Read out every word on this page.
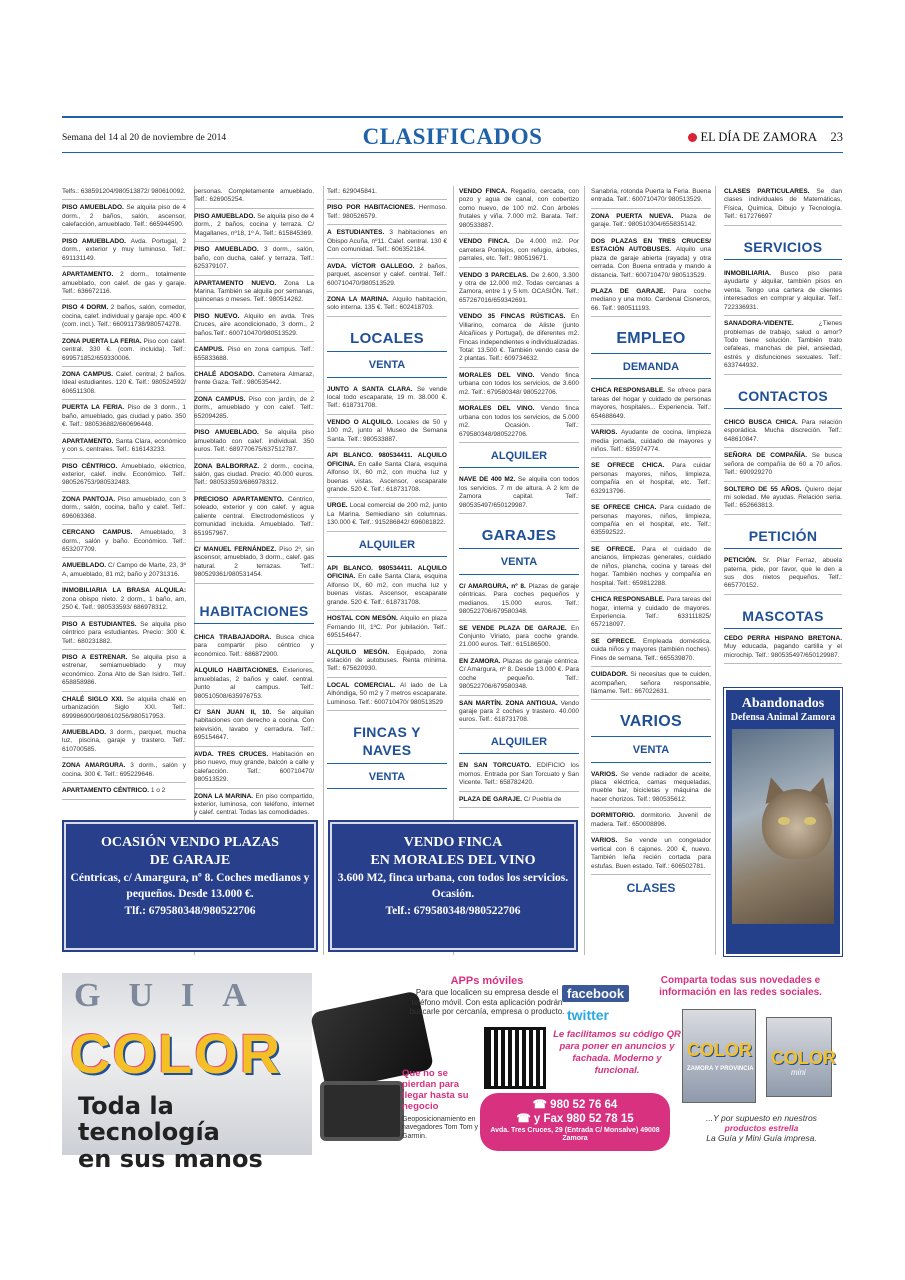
Semana del 14 al 20 de noviembre de 2014	CLASIFICADOS	EL DÍA DE ZAMORA 23

Telfs.: 638591204/980513872/ 980610092.

PISO AMUEBLADO. Se alquila piso de 4 dorm., 2 baños, salón, ascensor, calefacción, amueblado. Telf.: 665944590.

PISO AMUEBLADO. Avda. Portugal, 2 dorm., exterior y muy luminoso. Telf.: 691131149.

APARTAMENTO. 2 dorm., totalmente amueblado, con calef. de gas y garaje. Telf.: 636672116.

PISO 4 DORM. 2 baños, salón, comedor, cocina, calef. individual y garaje opc. 400 € (com. incl.). Telf.: 660911738/980574278.

ZONA PUERTA LA FERIA. Piso con calef. central. 330 €. (com. incluida). Telf.: 699571852/659330006.

ZONA CAMPUS. Calef. central, 2 baños. Ideal estudiantes. 120 €. Telf.: 980524592/ 606511308.

PUERTA LA FERIA. Piso de 3 dorm., 1 baño, amueblado, gas ciudad y patio. 350 €. Telf.: 980536882/660696448.

APARTAMENTO. Santa Clara, económico y con s. centrales. Telf.: 616143233.

PISO CÉNTRICO. Amueblado, eléctrico, exterior, calef. indiv. Económico. Telf.: 980526753/980532483.

ZONA PANTOJA. Piso amueblado, con 3 dorm., salón, cocina, baño y calef. Telf.: 696063368.

CERCANO CAMPUS. Amueblado, 3 dorm., salón y baño. Económico. Telf.: 653207709.

AMUEBLADO. C/ Campo de Marte, 23, 3º A, amueblado, 81 m2, baño y 20731316.

INMOBILIARIA LA BRASA ALQUILA: zona obispo nieto. 2 dorm., 1 baño, am, 250 €. Telf.: 980533593/ 686978312.

PISO A ESTUDIANTES. Se alquila piso céntrico para estudiantes. Precio: 300 €. Telf.: 680231882.

PISO A ESTRENAR. Se alquila piso a estrenar, semiamueblado y muy económico. Zona Alto de San Isidro. Telf.: 658858986.

CHALÉ SIGLO XXI. Se alquila chalé en urbanización Siglo XXI. Telf.: 699986900/980610256/980517953.

AMUEBLADO. 3 dorm., parquet, mucha luz, piscina, garaje y trastero. Telf.: 610700585.

ZONA AMARGURA. 3 dorm., salón y cocina. 300 €. Telf.: 695229646.

APARTAMENTO CÉNTRICO. 1 o 2

personas. Completamente amueblado. Telf.: 626905254.

PISO AMUEBLADO. Se alquila piso de 4 dorm., 2 baños, cocina y terraza. C/ Magallanes, nº18, 1º A. Telf.: 615845369.

PISO AMUEBLADO. 3 dorm., salón, baño, con ducha, calef. y terraza. Telf.: 625379107.

APARTAMENTO NUEVO. Zona La Marina. También se alquila por semanas, quincenas o meses. Telf.: 980514262.

PISO NUEVO. Alquilo en avda. Tres Cruces, aire acondicionado, 3 dorm., 2 baños.Telf.: 600710470/980513529.

CAMPUS. Piso en zona campus. Telf.: 655833688.

CHALÉ ADOSADO. Carretera Almaraz, frente Gaza. Telf.: 980535442.

ZONA CAMPUS. Piso con jardín, de 2 dorm., amueblado y con calef. Telf.: 652094285.

PISO AMUEBLADO. Se alquila piso amueblado con calef. individual. 350 euros. Telf.: 689770675/637512787.

ZONA BALBORRAZ. 2 dorm., cocina, salón, gas ciudad. Precio: 40.000 euros. Telf.: 980533593/686978312.

PRECIOSO APARTAMENTO. Céntrico, soleado, exterior y con calef. y agua caliente central. Electrodomésticos y comunidad incluida. Amueblado. Telf.: 651957967.

C/ MANUEL FERNÁNDEZ. Piso 2º, sin ascensor, amueblado, 3 dorm., calef. gas natural. 2 terrazas. Telf.: 980529361/980531454.

HABITACIONES

CHICA TRABAJADORA. Busca chica para compartir piso céntrico y económico. Telf.: 686872900.

ALQUILO HABITACIONES. Exteriores, amuebladas, 2 baños y calef. central. Junto al campus. Telf.: 980510508/635976753.

C/ SAN JUAN II, 10. Se alquilan habitaciones con derecho a cocina. Con televisión, lavabo y cerradura. Telf.: 695154647.

AVDA. TRES CRUCES. Habitación en piso nuevo, muy grande, balcón a calle y calefacción. Telf.: 600710470/ 980513529.

ZONA LA MARINA. En piso compartido, exterior, luminosa, con teléfono, internet y calef. central. Todas las comodidades.

Telf.: 629045841.

PISO POR HABITACIONES. Hermoso. Telf.: 980526579.

A ESTUDIANTES. 3 habitaciones en Obispo Acuña, nº11. Calef. central. 130 € Con comunidad. Telf.: 606352184.

AVDA. VÍCTOR GALLEGO. 2 baños, parquet, ascensor y calef. central. Telf.: 600710470/980513529.

ZONA LA MARINA. Alquilo habitación, solo interna. 135 €. Telf.: 602418703.

LOCALES
VENTA

JUNTO A SANTA CLARA. Se vende local todo escaparate, 19 m. 38.000 €. Telf.: 618731708.

VENDO O ALQUILO. Locales de 50 y 100 m2, junto al Museo de Semana Santa. Telf.: 980533887.

API BLANCO. 980534411. ALQUILO OFICINA. En calle Santa Clara, esquina Alfonso IX, 60 m2, con mucha luz y buenas vistas. Ascensor, escaparate grande. 520 €. Telf.: 618731708.

URGE. Local comercial de 200 m2, junto La Marina. Semiediano sin columnas. 130.000 €. Telf.: 915286842/ 696081822.

ALQUILER

API BLANCO. 980534411. ALQUILO OFICINA. En calle Santa Clara, esquina Alfonso IX, 60 m2, con mucha luz y buenas vistas. Ascensor, escaparate grande. 520 €. Telf.: 618731708.

HOSTAL CON MESÓN. Alquilo en plaza Fernando III, 1ºC. Por jubilación. Telf.: 695154647.

ALQUILO MESÓN. Equipado, zona estación de autobuses. Renta mínima. Telf.: 675620930.

LOCAL COMERCIAL. Al lado de La Alhóndiga, 50 m2 y 7 metros escaparate. Luminoso. Telf.: 600710470/ 980513529

FINCAS Y NAVES
VENTA

VENDO FINCA. Regadío, cercada, con pozo y agua de canal, con cobertizo como nuevo, de 100 m2. Con árboles frutales y viña. 7.000 m2. Barata. Telf.: 980533887.

VENDO FINCA. De 4.000 m2. Por carretera Pontejos, con refugio, árboles, parrales, etc. Telf.: 980519671.

VENDO 3 PARCELAS. De 2.600, 3.300 y otra de 12.000 m2. Todas cercanas a Zamora, entre 1 y 5 km. OCASIÓN. Telf.: 657267016/659342691.

VENDO 35 FINCAS RÚSTICAS. En Villarino, comarca de Aliste (junto Alcañices y Portugal), de diferentes m2. Fincas independientes e individualizadas. Total: 13.500 €. También vendo casa de 2 plantas. Telf.: 609734632.

MORALES DEL VINO. Vendo finca urbana con todos los servicios, de 3.600 m2. Telf.: 679580348/ 980522706.

MORALES DEL VINO. Vendo finca urbana con todos los servicios, de 5.000 m2. Ocasión. Telf.: 679580348/980522706.

ALQUILER

NAVE DE 400 M2. Se alquila con todos los servicios. 7 m de altura. A 2 km de Zamora capital. Telf.: 980535497/650129987.

GARAJES
VENTA

C/ AMARGURA, nº 8. Plazas de garaje céntricas. Para coches pequeños y medianos. 15.000 euros. Telf.: 980522706/679580348.

SE VENDE PLAZA DE GARAJE. En Conjunto Viriato, para coche grande. 21.000 euros. Telf.: 615186500.

EN ZAMORA. Plazas de garaje céntrica. C/ Amargura, nº 8. Desde 13.000 €. Para coche pequeño. Telf.: 980522706/679580348.

SAN MARTÍN. ZONA ANTIGUA. Vendo garaje para 2 coches y trastero. 40.000 euros. Telf.: 618731708.

ALQUILER

EN SAN TORCUATO. EDIFICIO los momos. Entrada por San Torcuato y San Vicente. Telf.: 658782420.

PLAZA DE GARAJE. C/ Puebla de

Sanabria, rotonda Puerta la Feria. Buena entrada. Telf.: 600710470/ 980513529.

ZONA PUERTA NUEVA. Plaza de garaje. Telf.: 980510304/655835142.

DOS PLAZAS EN TRES CRUCES/ ESTACIÓN AUTOBUSES. Alquilo una plaza de garaje abierta (rayada) y otra cerrada. Con Buena entrada y mando a distancia. Telf.: 600710470/ 980513529.

PLAZA DE GARAJE. Para coche mediano y una moto. Cardenal Cisneros, 66. Telf.: 980511193.

EMPLEO
DEMANDA

CHICA RESPONSABLE. Se ofrece para tareas del hogar y cuidado de personas mayores, hospitales... Experiencia. Telf.: 654688649.

VARIOS. Ayudante de cocina, limpieza media jornada, cuidado de mayores y niños. Telf.: 635974774.

SE OFRECE CHICA. Para cuidar personas mayores, niños, limpieza, compañía en el hospital, etc. Telf.: 632913796.

SE OFRECE CHICA. Para cuidado de personas mayores, niños, limpieza, compañía en el hospital, etc. Telf.: 635592522.

SE OFRECE. Para el cuidado de ancianos, limpiezas generales, cuidado de niños, plancha, cocina y tareas del hogar. También noches y compañía en hospital. Telf.: 659812288.

CHICA RESPONSABLE. Para tareas del hogar, interna y cuidado de mayores. Experiencia. Telf.: 633111825/ 657218097.

SE OFRECE. Empleada doméstica, cuida niños y mayores (también noches). Fines de semana. Telf.: 665539870.

CUIDADOR. Si necesitas que te cuiden, acompañen, señora responsable, llámame. Telf.: 667022631.

VARIOS
VENTA

VARIOS. Se vende radiador de aceite, placa eléctrica, camas mequeladas, mueble bar, bicicletas y máquina de hacer chorizos. Telf.: 980535612.

DORMITORIO. dormitorio. Juvenil de madera. Telf.: 650008896.

VARIOS. Se vende un congelador vertical con 6 cajones. 200 €, nuevo. También leña recién cortada para estufas. Buen estado. Telf.: 606502781.

CLASES

CLASES PARTICULARES. Se dan clases individuales de Matemáticas, Física, Química, Dibujo y Tecnología. Telf.: 617276697

SERVICIOS

INMOBILIARIA. Busco piso para ayudarte y alquilar, también pisos en venta. Tengo una cartera de clientes interesados en comprar y alquilar. Telf.: 722336931.

SANADORA-VIDENTE. ¿Tienes problemas de trabajo, salud o amor? Todo tiene solución. También trato cefaleas, manchas de piel, ansiedad, estrés y disfunciones sexuales. Telf.: 633744932.

CONTACTOS

CHICO BUSCA CHICA. Para relación esporádica. Mucha discreción. Telf.: 648610847.

SEÑORA DE COMPAÑÍA. Se busca señora de compañía de 60 a 70 años. Telf.: 690929270

SOLTERO DE 55 AÑOS. Quiero dejar mi soledad. Me ayudas. Relación seria. Telf.: 652663813.

PETICIÓN

PETICIÓN. Sr. Pilar Ferraz, abuela paterna, pide, por favor, que le den a sus dos nietos pequeños. Telf.: 665770152.

MASCOTAS

CEDO PERRA HISPANO BRETONA. Muy educada, pagando cartilla y el microchip. Telf.: 980535497/650129987.

OCASIÓN VENDO PLAZAS
DE GARAJE
Céntricas, c/ Amargura, nº 8. Coches medianos y pequeños. Desde 13.000 €.
Tlf.: 679580348/980522706
VENDO FINCA
EN MORALES DEL VINO
3.600 M2, finca urbana, con todos los servicios. Ocasión.
Telf.: 679580348/980522706
Abandonados
Defensa Animal Zamora
GUIA
COLOR
Toda la tecnología
en sus manos
APPs móviles
Para que localicen su empresa desde el teléfono móvil. Con esta aplicación podrán buscarle por cercanía, empresa o producto.
facebook
twitter
Comparta todas sus novedades e información en las redes sociales.
Le facilitamos su código QR para poner en anuncios y fachada. Moderno y funcional.
Que no se pierdan para llegar hasta su negocio
Geoposicionamiento en navegadores Tom Tom y Garmin.
☎ 980 52 76 64
☎ y Fax 980 52 78 15
Avda. Tres Cruces, 29 (Entrada C/ Monsalve) 49008 Zamora
COLOR
ZAMORA Y PROVINCIA
COLOR
mini
...Y por supuesto en nuestros
productos estrella
La Guía y Mini Guía impresa.
